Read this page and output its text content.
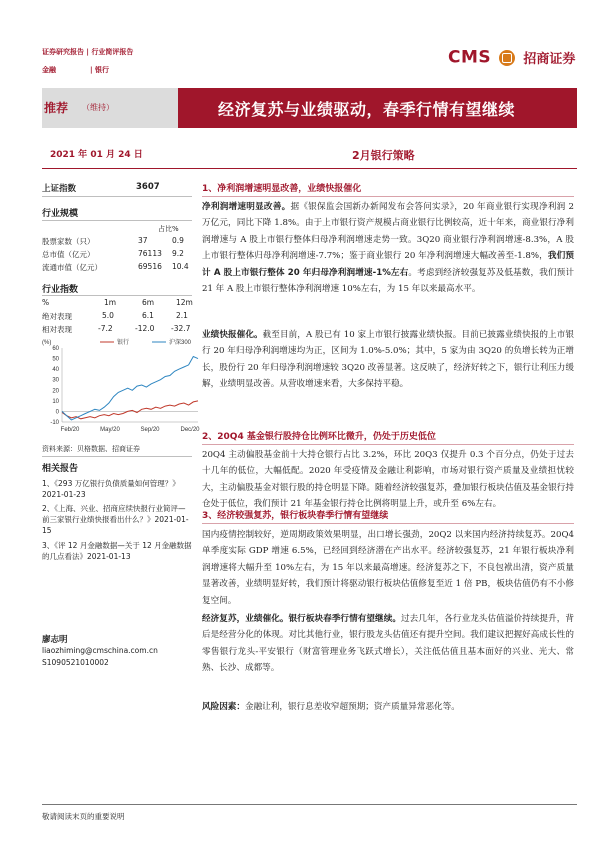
证券研究报告 | 行业简评报告
金融	| 银行
CMS 招商证券
推荐 （维持）	经济复苏与业绩驱动，春季行情有望继续
2021 年 01 月 24 日	2月银行策略
上证指数	3607
行业规模
占比%
股票家数（只）	37	0.9
总市值（亿元）	76113 9.2
流通市值（亿元）	69516 10.4
行业指数
%	1m	6m	12m
绝对表现	5.0	6.1	2.1
相对表现	-7.2	-12.0 -32.7
(%)
-10
0
10
20
30
40
50
60
Feb/20	May/20	Sep/20	Dec/20
银行	沪深300
资料来源：贝格数据、招商证券
相关报告
1、《293 万亿银行负债质量如何管理？》2021-01-23
2、《上海、兴业、招商应续快报行业简评—前三家银行业绩快报看出什么？》2021-01-15
3、《评 12 月金融数据—关于 12 月金融数据的几点看法》2021-01-13
廖志明
liaozhiming@cmschina.com.cn
S1090521010002
1、净利润增速明显改善，业绩快报催化

净利润增速明显改善。据《银保监会国新办新闻发布会答问实录》，20 年商业银行实现净利润 2 万亿元，同比下降 1.8%。由于上市银行资产规模占商业银行比例较高，近十年来，商业银行净利润增速与 A 股上市银行整体归母净利润增速走势一致。3Q20 商业银行净利润增速-8.3%，A 股上市银行整体归母净利润增速-7.7%；鉴于商业银行 20 年净利润增速大幅改善至-1.8%，我们预计 A 股上市银行整体 20 年归母净利润增速-1%左右。考虑到经济较强复苏及低基数，我们预计 21 年 A 股上市银行整体净利润增速 10%左右，为 15 年以来最高水平。

业绩快报催化。截至目前，A 股已有 10 家上市银行披露业绩快报。目前已披露业绩快报的上市银行 20 年归母净利润增速均为正，区间为 1.0%-5.0%；其中，5 家为由 3Q20 的负增长转为正增长，股份行 20 年归母净利润增速较 3Q20 改善显著。这反映了，经济好转之下，银行让利压力缓解，业绩明显改善。从营收增速来看，大多保持平稳。

2、20Q4 基金银行股持仓比例环比微升，仍处于历史低位

20Q4 主动偏股基金前十大持仓银行占比 3.2%，环比 20Q3 仅提升 0.3 个百分点，仍处于过去十几年的低位，大幅低配。2020 年受疫情及金融让利影响，市场对银行资产质量及业绩担忧较大，主动偏股基金对银行股的持仓明显下降。随着经济较强复苏，叠加银行板块估值及基金银行持仓处于低位，我们预计 21 年基金银行持仓比例将明显上升，或升至 6%左右。

3、经济较强复苏，银行板块春季行情有望继续

国内疫情控制较好，逆周期政策效果明显，出口增长强劲，20Q2 以来国内经济持续复苏。20Q4 单季度实际 GDP 增速 6.5%，已经回到经济潜在产出水平。经济较强复苏，21 年银行板块净利润增速将大幅升至 10%左右，为 15 年以来最高增速。经济复苏之下，不良包袱出清，资产质量显著改善，业绩明显好转，我们预计将驱动银行板块估值修复至近 1 倍 PB，板块估值仍有不小修复空间。

经济复苏，业绩催化。银行板块春季行情有望继续。过去几年，各行业龙头估值溢价持续提升，背后是经营分化的体现。对比其他行业，银行股龙头估值还有提升空间。我们建议把握好高成长性的零售银行龙头-平安银行（财富管理业务飞跃式增长），关注低估值且基本面好的兴业、光大、常熟、长沙、成都等。

风险因素：金融让利，银行息差收窄超预期；资产质量异常恶化等。

敬请阅读末页的重要说明
